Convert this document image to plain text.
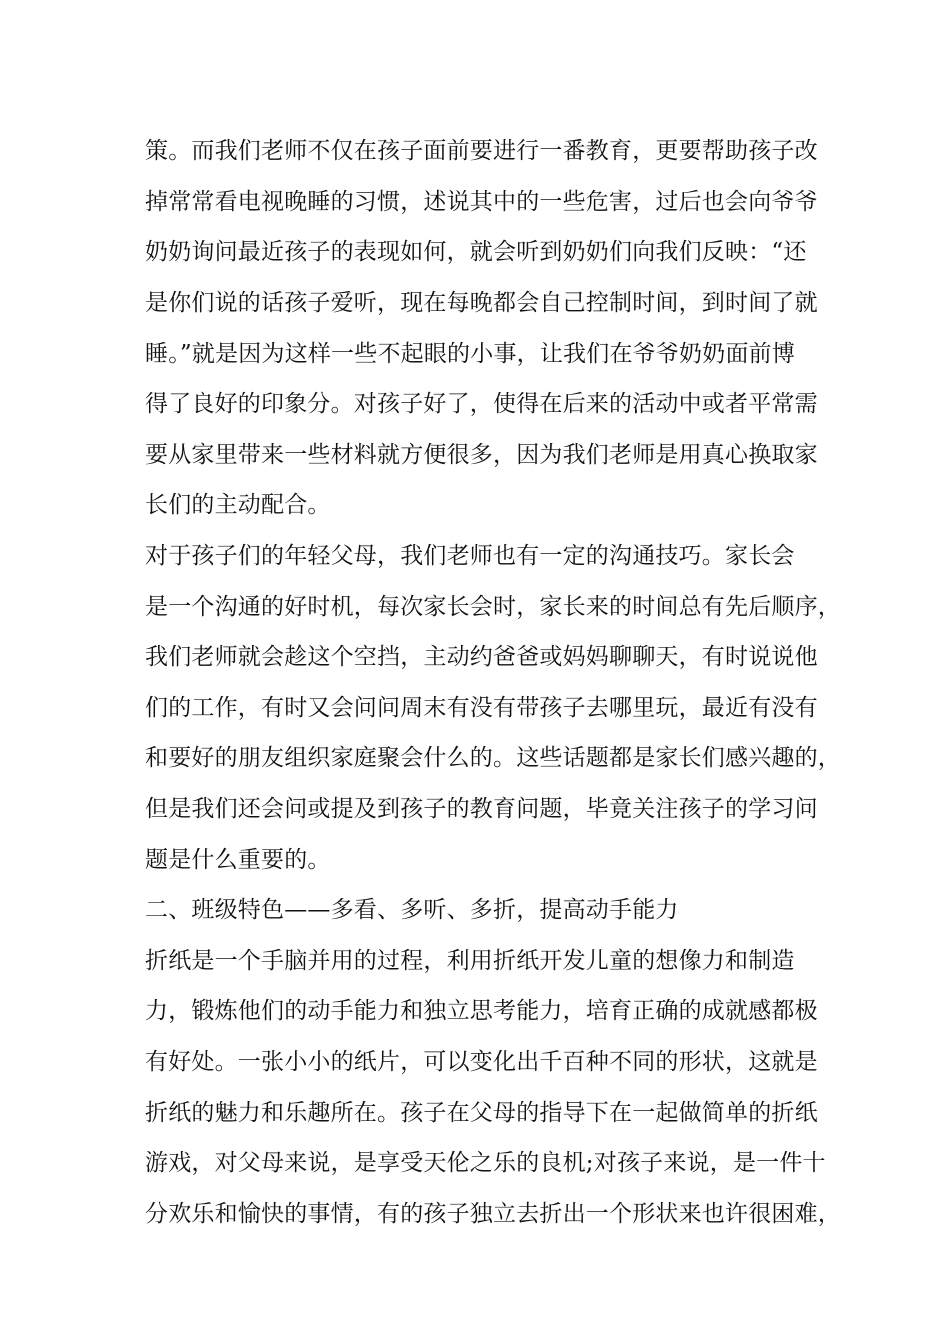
策。而我们老师不仅在孩子面前要进行一番教育，更要帮助孩子改
掉常常看电视晚睡的习惯，述说其中的一些危害，过后也会向爷爷
奶奶询问最近孩子的表现如何，就会听到奶奶们向我们反映：“还
是你们说的话孩子爱听，现在每晚都会自己控制时间，到时间了就
睡。”就是因为这样一些不起眼的小事，让我们在爷爷奶奶面前博
得了良好的印象分。对孩子好了，使得在后来的活动中或者平常需
要从家里带来一些材料就方便很多，因为我们老师是用真心换取家
长们的主动配合。
对于孩子们的年轻父母，我们老师也有一定的沟通技巧。家长会
是一个沟通的好时机，每次家长会时，家长来的时间总有先后顺序，
我们老师就会趁这个空挡，主动约爸爸或妈妈聊聊天，有时说说他
们的工作，有时又会问问周末有没有带孩子去哪里玩，最近有没有
和要好的朋友组织家庭聚会什么的。这些话题都是家长们感兴趣的，
但是我们还会问或提及到孩子的教育问题，毕竟关注孩子的学习问
题是什么重要的。
二、班级特色——多看、多听、多折，提高动手能力
折纸是一个手脑并用的过程，利用折纸开发儿童的想像力和制造
力，锻炼他们的动手能力和独立思考能力，培育正确的成就感都极
有好处。一张小小的纸片，可以变化出千百种不同的形状，这就是
折纸的魅力和乐趣所在。孩子在父母的指导下在一起做简单的折纸
游戏，对父母来说，是享受天伦之乐的良机;对孩子来说，是一件十
分欢乐和愉快的事情，有的孩子独立去折出一个形状来也许很困难，
